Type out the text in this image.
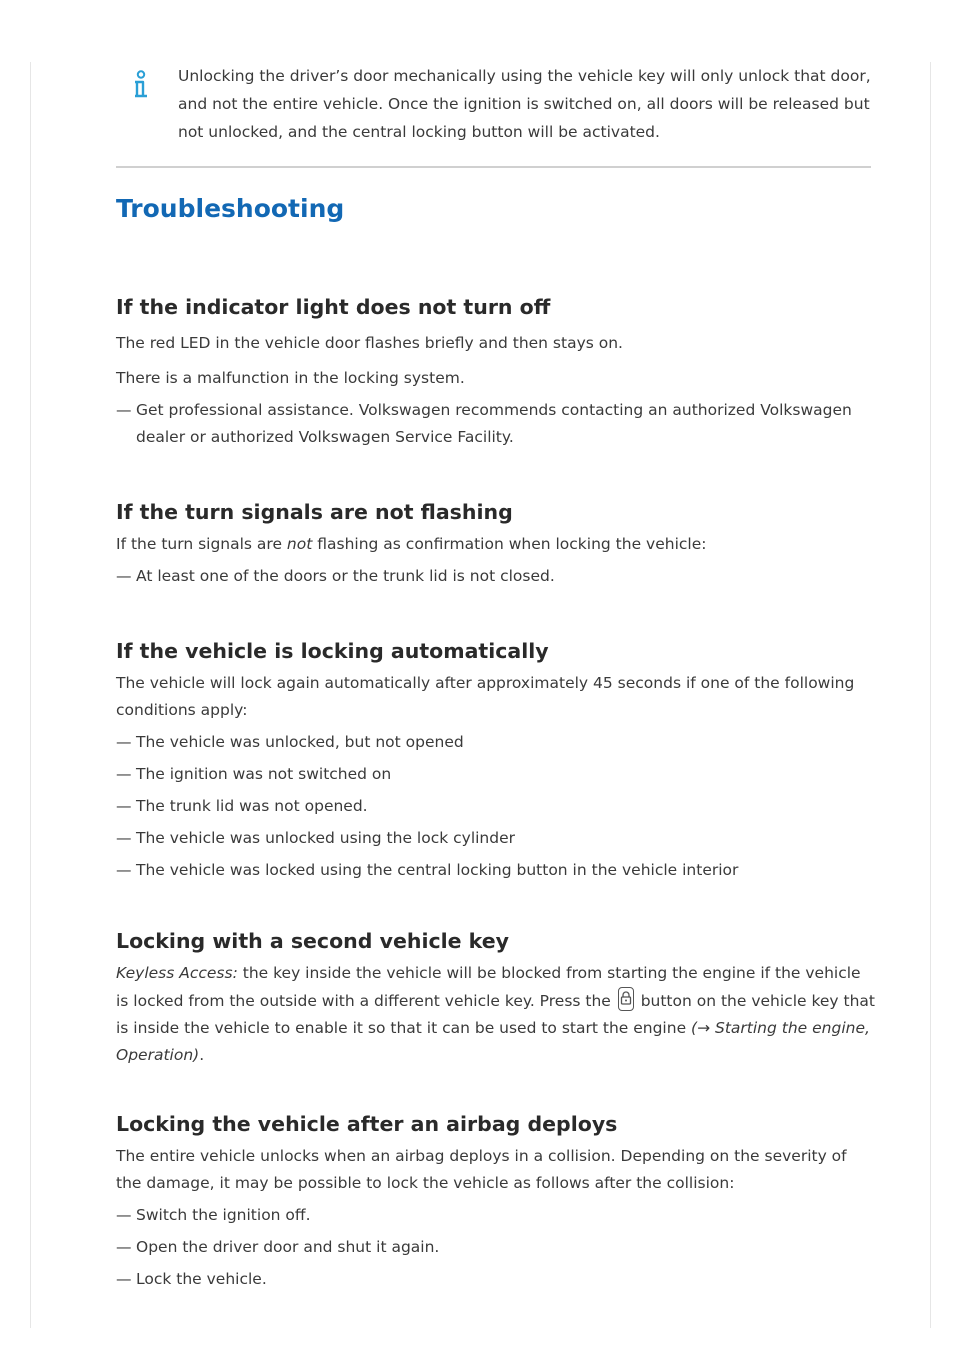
Unlocking the driver’s door mechanically using the vehicle key will only unlock that door, and not the entire vehicle. Once the ignition is switched on, all doors will be released but not unlocked, and the central locking button will be activated.
Troubleshooting
If the indicator light does not turn off

The red LED in the vehicle door flashes briefly and then stays on.

There is a malfunction in the locking system.

— Get professional assistance. Volkswagen recommends contacting an authorized Volkswagen dealer or authorized Volkswagen Service Facility.
If the turn signals are not flashing

If the turn signals are not flashing as confirmation when locking the vehicle:

— At least one of the doors or the trunk lid is not closed.
If the vehicle is locking automatically

The vehicle will lock again automatically after approximately 45 seconds if one of the following conditions apply:

— The vehicle was unlocked, but not opened
— The ignition was not switched on
— The trunk lid was not opened.
— The vehicle was unlocked using the lock cylinder
— The vehicle was locked using the central locking button in the vehicle interior
Locking with a second vehicle key

Keyless Access: the key inside the vehicle will be blocked from starting the engine if the vehicle is locked from the outside with a different vehicle key. Press the
button on the vehicle key that is inside the vehicle to enable it so that it can be used to start the engine (→ Starting the engine, Operation).

Locking the vehicle after an airbag deploys

The entire vehicle unlocks when an airbag deploys in a collision. Depending on the severity of the damage, it may be possible to lock the vehicle as follows after the collision:

— Switch the ignition off.
— Open the driver door and shut it again.
— Lock the vehicle.
